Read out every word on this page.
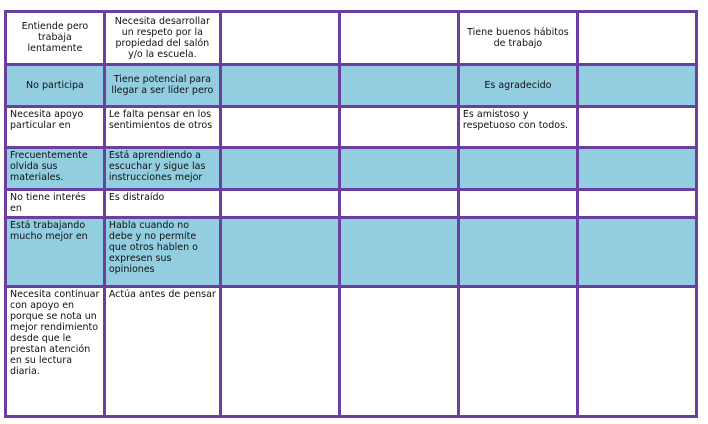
Entiende pero trabaja lentamente	Necesita desarrollar un respeto por la propiedad del salón y/o la escuela.			Tiene buenos hábitos de trabajo	
No participa	Tiene potencial para llegar a ser líder pero			Es agradecido	
Necesita apoyo particular en	Le falta pensar en los sentimientos de otros			Es amistoso y respetuoso con todos.	
Frecuentemente olvida sus materiales.	Está aprendiendo a escuchar y sigue las instrucciones mejor				
No tiene interés en	Es distraído				
Está trabajando mucho mejor en	Habla cuando no debe y no permite que otros hablen o expresen sus opiniones				
Necesita continuar con apoyo en porque se nota un mejor rendimiento desde que le prestan atención en su lectura diaria.	Actúa antes de pensar				
